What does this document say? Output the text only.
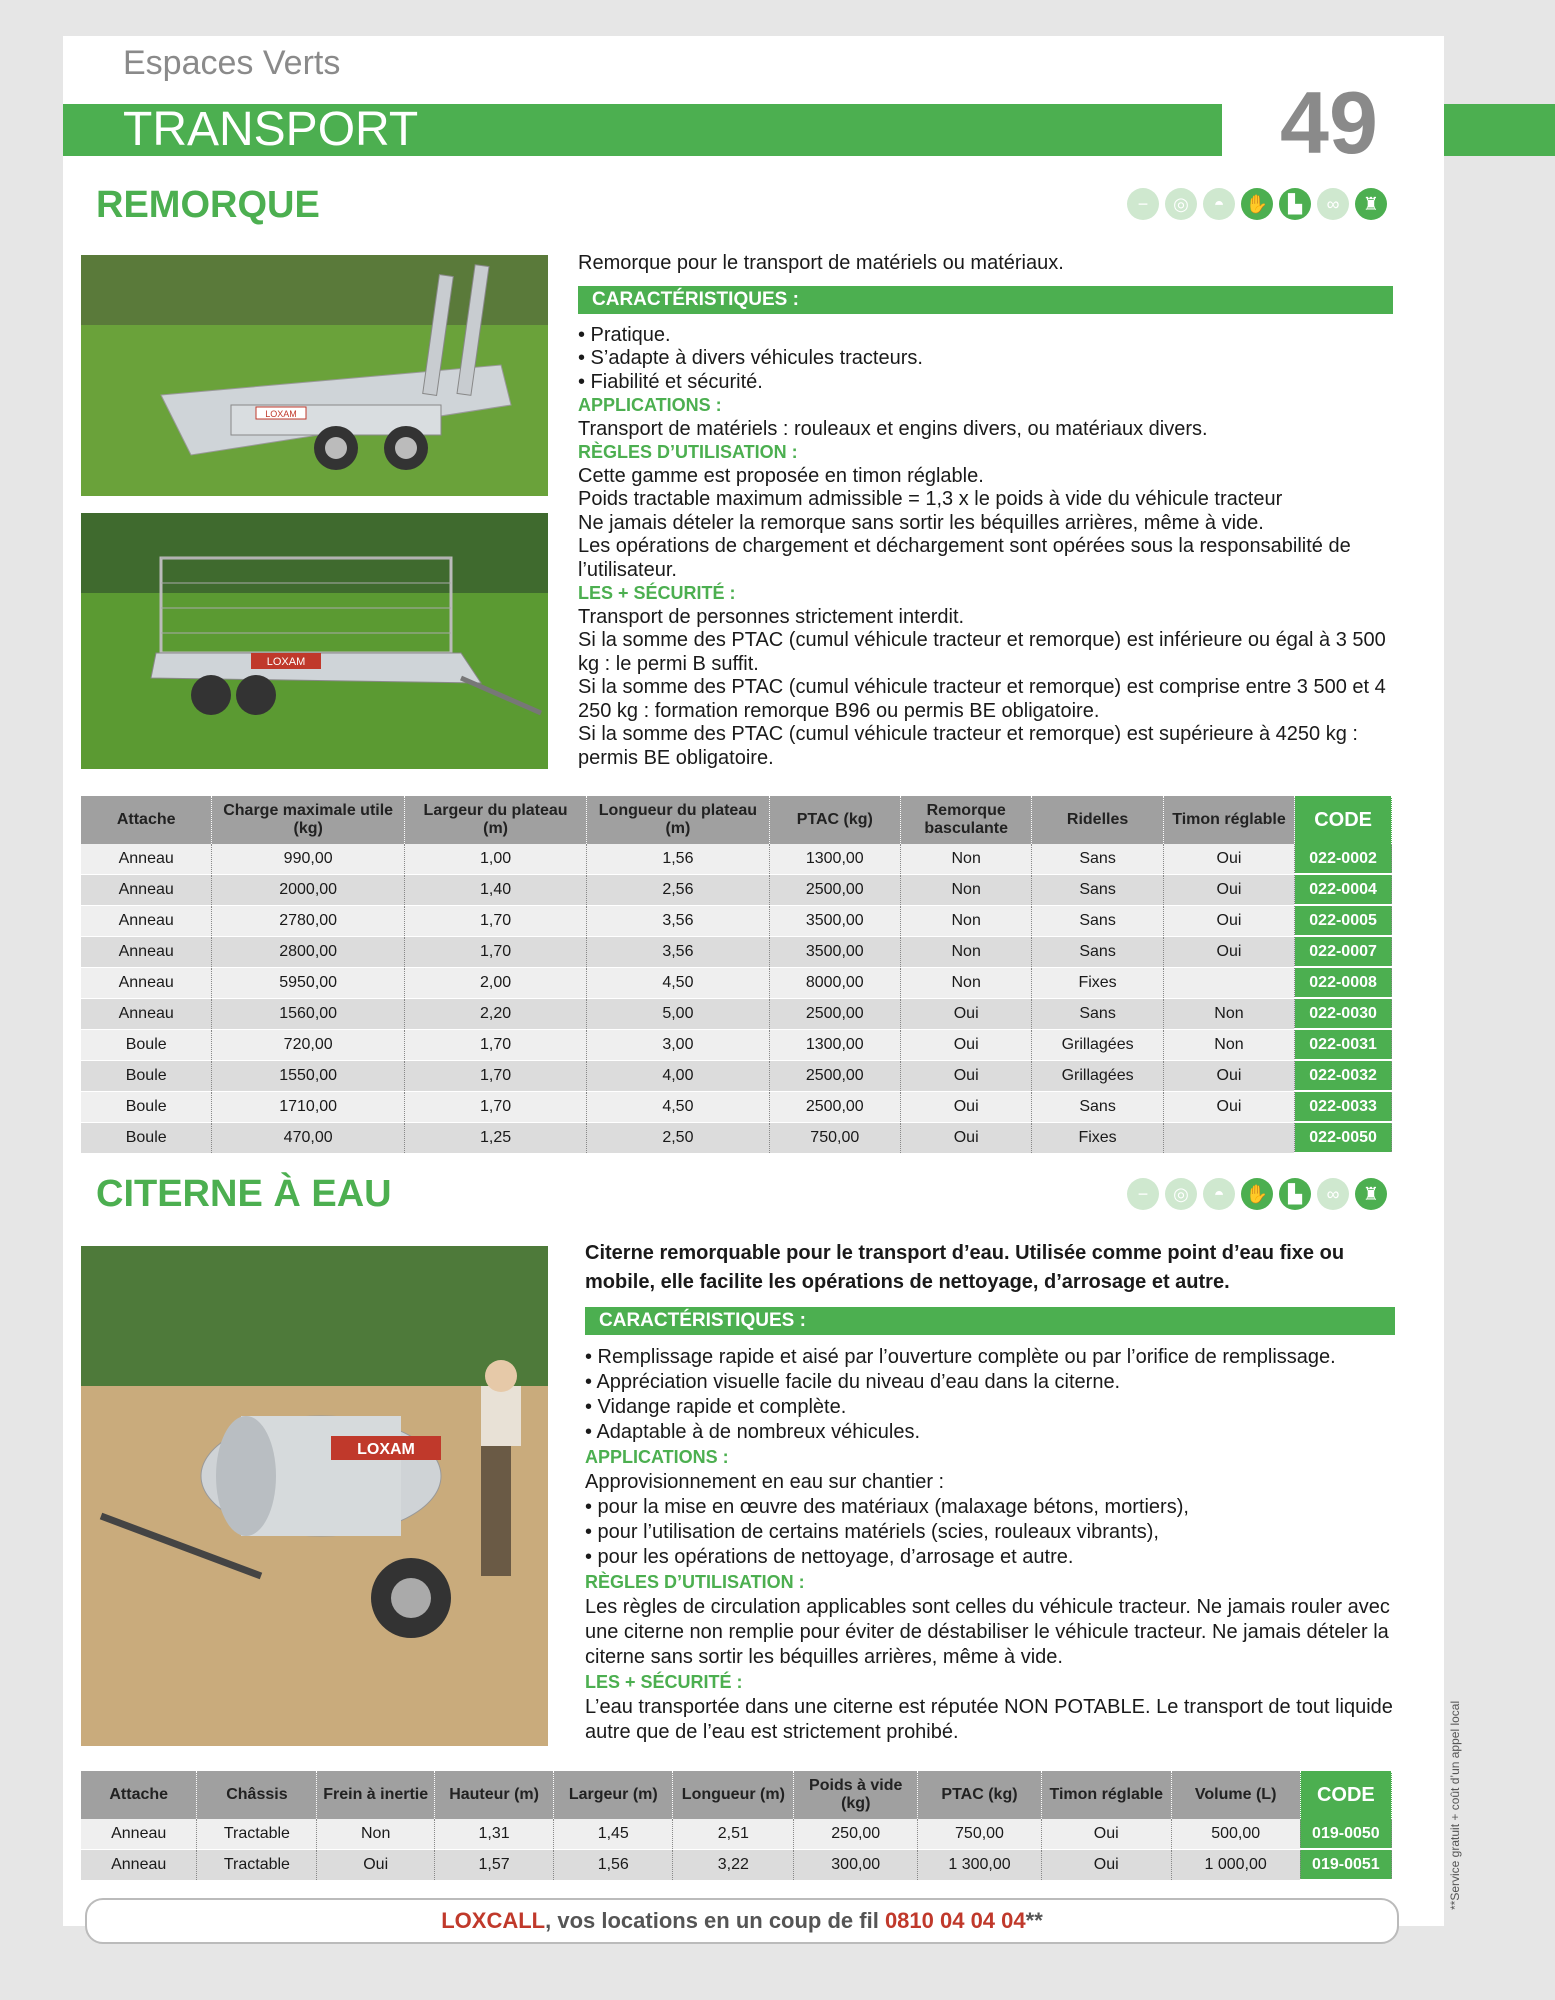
Espaces Verts
TRANSPORT	49
REMORQUE	−	◎	◓	✋	▙	∞	♜
LOXAM
LOXAM
Remorque pour le transport de matériels ou matériaux.
CARACTÉRISTIQUES :
• Pratique.
• S’adapte à divers véhicules tracteurs.
• Fiabilité et sécurité.
APPLICATIONS :
Transport de matériels : rouleaux et engins divers, ou matériaux divers.
RÈGLES D’UTILISATION :
Cette gamme est proposée en timon réglable.
Poids tractable maximum admissible = 1,3 x le poids à vide du véhicule tracteur
Ne jamais dételer la remorque sans sortir les béquilles arrières, même à vide.
Les opérations de chargement et déchargement sont opérées sous la responsabilité de l’utilisateur.
LES + SÉCURITÉ :
Transport de personnes strictement interdit.
Si la somme des PTAC (cumul véhicule tracteur et remorque) est inférieure ou égal à 3 500 kg : le permi B suffit.
Si la somme des PTAC (cumul véhicule tracteur et remorque) est comprise entre 3 500 et 4 250 kg : formation remorque B96 ou permis BE obligatoire.
Si la somme des PTAC (cumul véhicule tracteur et remorque) est supérieure à 4250 kg : permis BE obligatoire.
Attache	Charge maximale utile (kg)	Largeur du plateau (m)	Longueur du plateau (m)	PTAC (kg)	Remorque basculante	Ridelles	Timon réglable	CODE
Anneau	990,00	1,00	1,56	1300,00	Non	Sans	Oui	022-0002
Anneau	2000,00	1,40	2,56	2500,00	Non	Sans	Oui	022-0004
Anneau	2780,00	1,70	3,56	3500,00	Non	Sans	Oui	022-0005
Anneau	2800,00	1,70	3,56	3500,00	Non	Sans	Oui	022-0007
Anneau	5950,00	2,00	4,50	8000,00	Non	Fixes		022-0008
Anneau	1560,00	2,20	5,00	2500,00	Oui	Sans	Non	022-0030
Boule	720,00	1,70	3,00	1300,00	Oui	Grillagées	Non	022-0031
Boule	1550,00	1,70	4,00	2500,00	Oui	Grillagées	Oui	022-0032
Boule	1710,00	1,70	4,50	2500,00	Oui	Sans	Oui	022-0033
Boule	470,00	1,25	2,50	750,00	Oui	Fixes		022-0050
CITERNE À EAU	−	◎	◓	✋	▙	∞	♜
LOXAM
Citerne remorquable pour le transport d’eau. Utilisée comme point d’eau fixe ou mobile, elle facilite les opérations de nettoyage, d’arrosage et autre.
CARACTÉRISTIQUES :
• Remplissage rapide et aisé par l’ouverture complète ou par l’orifice de remplissage.
• Appréciation visuelle facile du niveau d’eau dans la citerne.
• Vidange rapide et complète.
• Adaptable à de nombreux véhicules.
APPLICATIONS :
Approvisionnement en eau sur chantier :
• pour la mise en œuvre des matériaux (malaxage bétons, mortiers),
• pour l’utilisation de certains matériels (scies, rouleaux vibrants),
• pour les opérations de nettoyage, d’arrosage et autre.
RÈGLES D’UTILISATION :
Les règles de circulation applicables sont celles du véhicule tracteur. Ne jamais rouler avec une citerne non remplie pour éviter de déstabiliser le véhicule tracteur. Ne jamais dételer la citerne sans sortir les béquilles arrières, même à vide.
LES + SÉCURITÉ :
L’eau transportée dans une citerne est réputée NON POTABLE. Le transport de tout liquide autre que de l’eau est strictement prohibé.
Attache	Châssis	Frein à inertie	Hauteur (m)	Largeur (m)	Longueur (m)	Poids à vide (kg)	PTAC (kg)	Timon réglable	Volume (L)	CODE
Anneau	Tractable	Non	1,31	1,45	2,51	250,00	750,00	Oui	500,00	019-0050
Anneau	Tractable	Oui	1,57	1,56	3,22	300,00	1 300,00	Oui	1 000,00	019-0051
LOXCALL, vos locations en un coup de fil 0810 04 04 04**
**Service gratuit + coût d’un appel local
